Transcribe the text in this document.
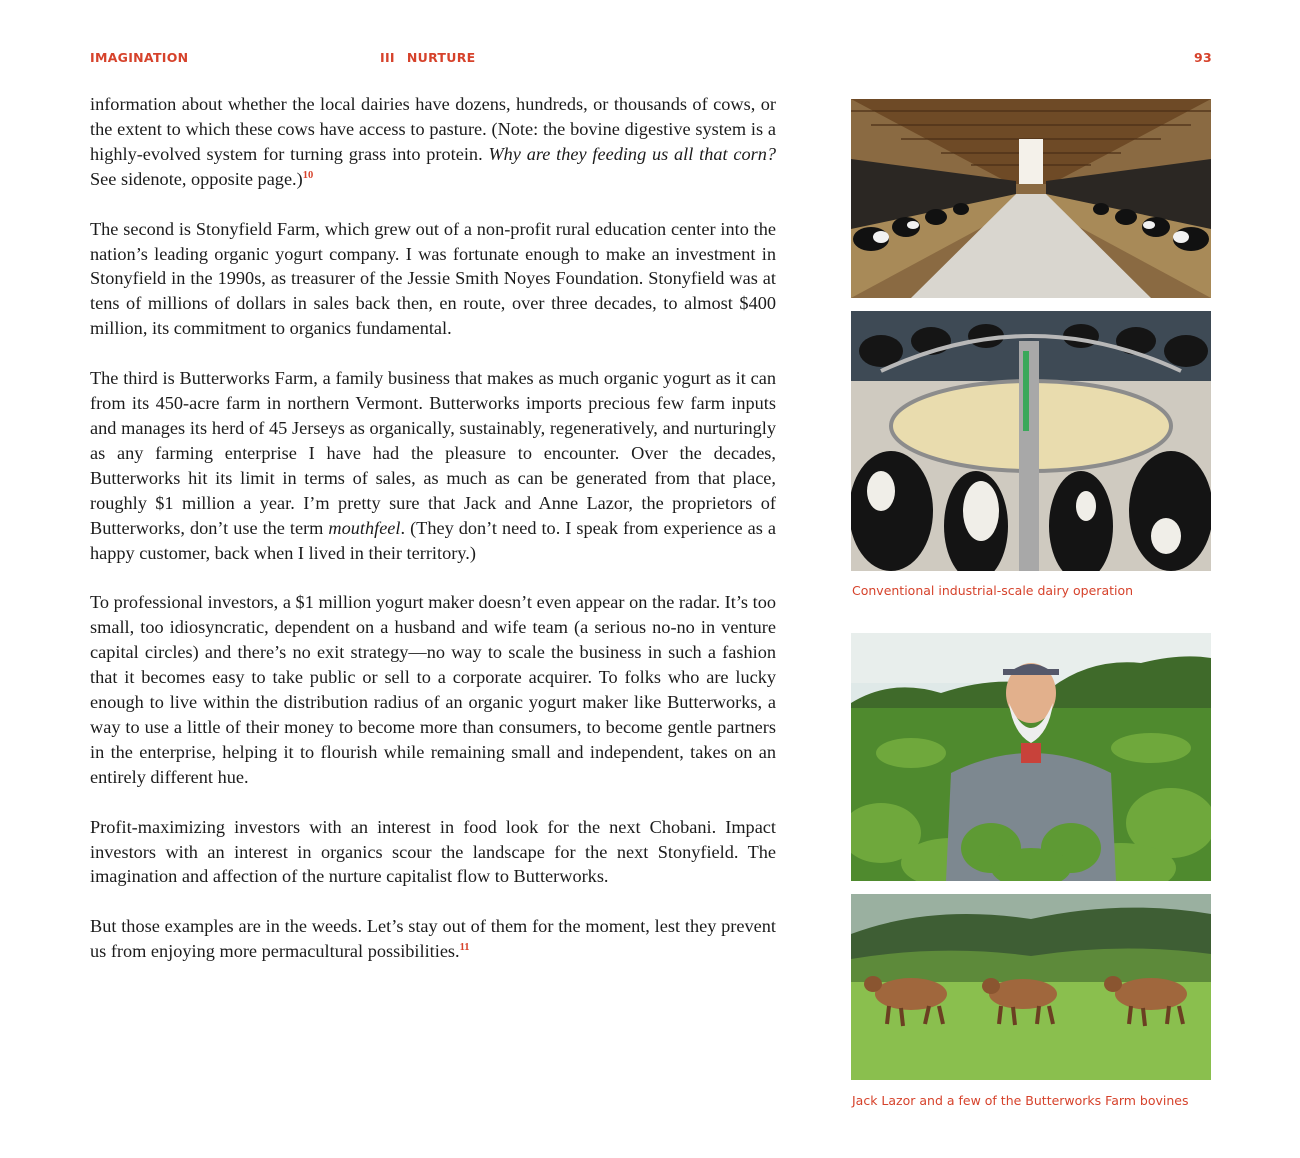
IMAGINATION	III NURTURE	93

information about whether the local dairies have dozens, hundreds, or thousands of cows, or the extent to which these cows have access to pasture. (Note: the bovine digestive system is a highly-evolved system for turning grass into protein. Why are they feeding us all that corn? See sidenote, opposite page.)$^{10}$

The second is Stonyfield Farm, which grew out of a non-profit rural education center into the nation’s leading organic yogurt company. I was fortunate enough to make an investment in Stonyfield in the 1990s, as treasurer of the Jessie Smith Noyes Foundation. Stonyfield was at tens of millions of dollars in sales back then, en route, over three decades, to almost $400 million, its commitment to organics fundamental.

The third is Butterworks Farm, a family business that makes as much organic yogurt as it can from its 450-acre farm in northern Vermont. Butterworks imports precious few farm inputs and manages its herd of 45 Jerseys as organically, sustainably, regeneratively, and nurturingly as any farming enterprise I have had the pleasure to encounter. Over the decades, Butterworks hit its limit in terms of sales, as much as can be generated from that place, roughly $1 million a year. I’m pretty sure that Jack and Anne Lazor, the proprietors of Butterworks, don’t use the term mouthfeel. (They don’t need to. I speak from experience as a happy customer, back when I lived in their territory.)

To professional investors, a $1 million yogurt maker doesn’t even appear on the radar. It’s too small, too idiosyncratic, dependent on a husband and wife team (a serious no-no in venture capital circles) and there’s no exit strategy—no way to scale the business in such a fashion that it becomes easy to take public or sell to a corporate acquirer. To folks who are lucky enough to live within the distribution radius of an organic yogurt maker like Butterworks, a way to use a little of their money to become more than consumers, to become gentle partners in the enterprise, helping it to flourish while remaining small and independent, takes on an entirely different hue.

Profit-maximizing investors with an interest in food look for the next Chobani. Impact investors with an interest in organics scour the landscape for the next Stonyfield. The imagination and affection of the nurture capitalist flow to Butterworks.

But those examples are in the weeds. Let’s stay out of them for the moment, lest they prevent us from enjoying more permacultural possibilities.$^{11}$

Conventional industrial-scale dairy operation
Jack Lazor and a few of the Butterworks Farm bovines
